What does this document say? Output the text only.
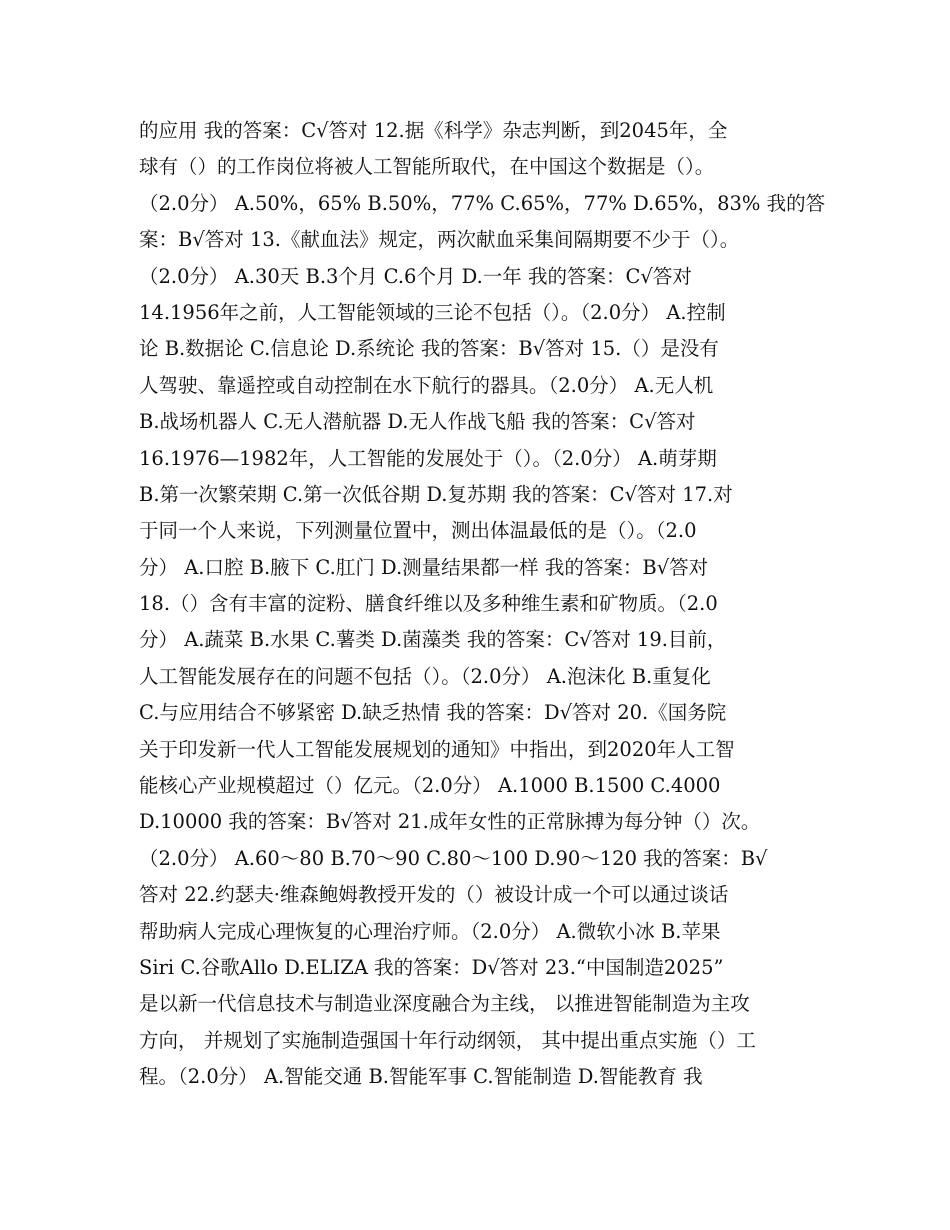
的应用 我的答案：C√答对 12.据《科学》杂志判断，到2045年，全
球有（）的工作岗位将被人工智能所取代，在中国这个数据是（）。
（2.0分） A.50%，65% B.50%，77% C.65%，77% D.65%，83% 我的答
案：B√答对 13.《献血法》规定，两次献血采集间隔期要不少于（）。
（2.0分） A.30天 B.3个月 C.6个月 D.一年 我的答案：C√答对
14.1956年之前，人工智能领域的三论不包括（）。（2.0分） A.控制
论 B.数据论 C.信息论 D.系统论 我的答案：B√答对 15.（）是没有
人驾驶、靠遥控或自动控制在水下航行的器具。（2.0分） A.无人机
B.战场机器人 C.无人潜航器 D.无人作战飞船 我的答案：C√答对
16.1976—1982年，人工智能的发展处于（）。（2.0分） A.萌芽期
B.第一次繁荣期 C.第一次低谷期 D.复苏期 我的答案：C√答对 17.对
于同一个人来说，下列测量位置中，测出体温最低的是（）。（2.0
分） A.口腔 B.腋下 C.肛门 D.测量结果都一样 我的答案：B√答对
18.（）含有丰富的淀粉、膳食纤维以及多种维生素和矿物质。（2.0
分） A.蔬菜 B.水果 C.薯类 D.菌藻类 我的答案：C√答对 19.目前，
人工智能发展存在的问题不包括（）。（2.0分） A.泡沫化 B.重复化
C.与应用结合不够紧密 D.缺乏热情 我的答案：D√答对 20.《国务院
关于印发新一代人工智能发展规划的通知》中指出，到2020年人工智
能核心产业规模超过（）亿元。（2.0分） A.1000 B.1500 C.4000
D.10000 我的答案：B√答对 21.成年女性的正常脉搏为每分钟（）次。
（2.0分） A.60～80 B.70～90 C.80～100 D.90～120 我的答案：B√
答对 22.约瑟夫·维森鲍姆教授开发的（）被设计成一个可以通过谈话
帮助病人完成心理恢复的心理治疗师。（2.0分） A.微软小冰 B.苹果
Siri C.谷歌Allo D.ELIZA 我的答案：D√答对 23.“中国制造2025”
是以新一代信息技术与制造业深度融合为主线， 以推进智能制造为主攻
方向， 并规划了实施制造强国十年行动纲领， 其中提出重点实施（）工
程。（2.0分） A.智能交通 B.智能军事 C.智能制造 D.智能教育 我
